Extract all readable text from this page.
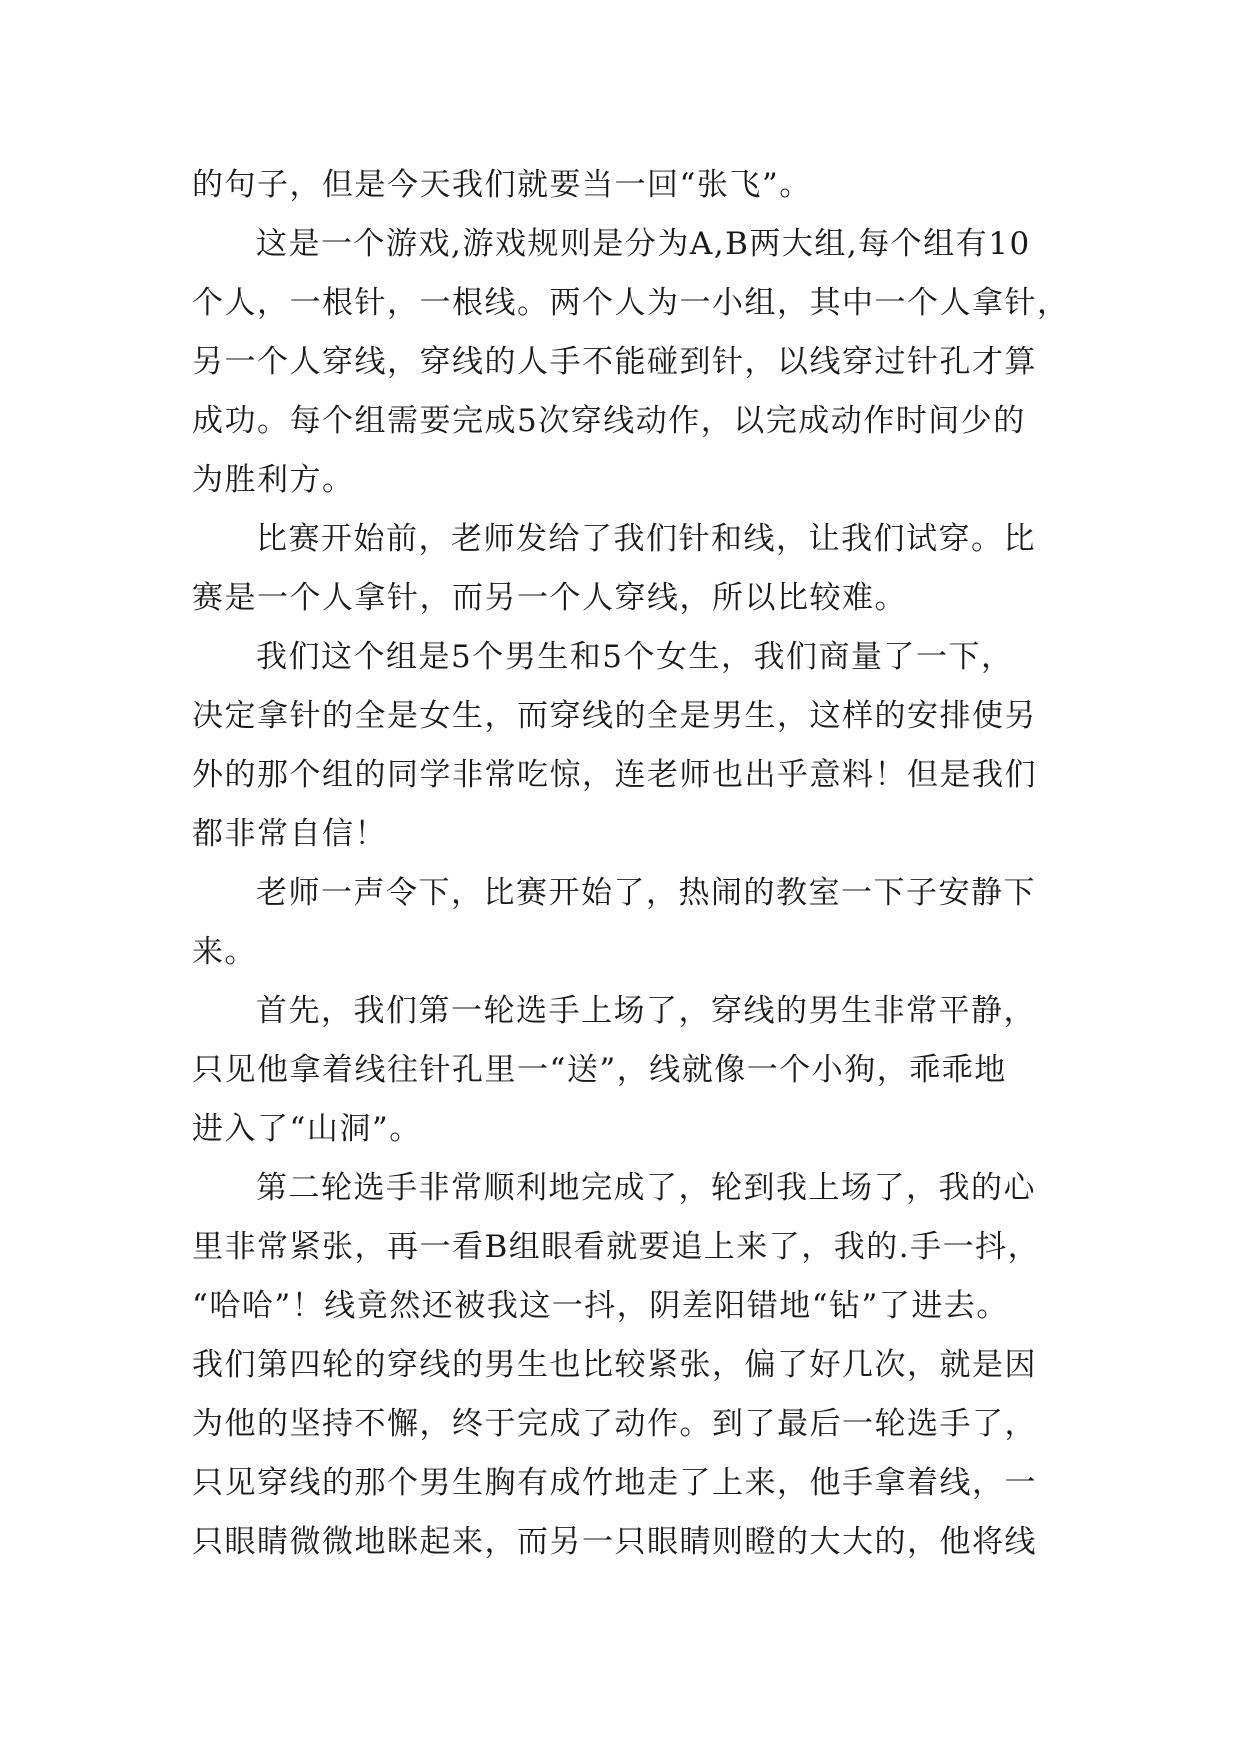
的句子，但是今天我们就要当一回“张飞”。
这是一个游戏,游戏规则是分为A,B两大组,每个组有10
个人，一根针，一根线。两个人为一小组，其中一个人拿针，
另一个人穿线，穿线的人手不能碰到针，以线穿过针孔才算
成功。每个组需要完成5次穿线动作，以完成动作时间少的
为胜利方。
比赛开始前，老师发给了我们针和线，让我们试穿。比
赛是一个人拿针，而另一个人穿线，所以比较难。
我们这个组是5个男生和5个女生，我们商量了一下，
决定拿针的全是女生，而穿线的全是男生，这样的安排使另
外的那个组的同学非常吃惊，连老师也出乎意料！但是我们
都非常自信！
老师一声令下，比赛开始了，热闹的教室一下子安静下
来。
首先，我们第一轮选手上场了，穿线的男生非常平静，
只见他拿着线往针孔里一“送”，线就像一个小狗，乖乖地
进入了“山洞”。
第二轮选手非常顺利地完成了，轮到我上场了，我的心
里非常紧张，再一看B组眼看就要追上来了，我的.手一抖，
“哈哈”！线竟然还被我这一抖，阴差阳错地“钻”了进去。
我们第四轮的穿线的男生也比较紧张，偏了好几次，就是因
为他的坚持不懈，终于完成了动作。到了最后一轮选手了，
只见穿线的那个男生胸有成竹地走了上来，他手拿着线，一
只眼睛微微地眯起来，而另一只眼睛则瞪的大大的，他将线
